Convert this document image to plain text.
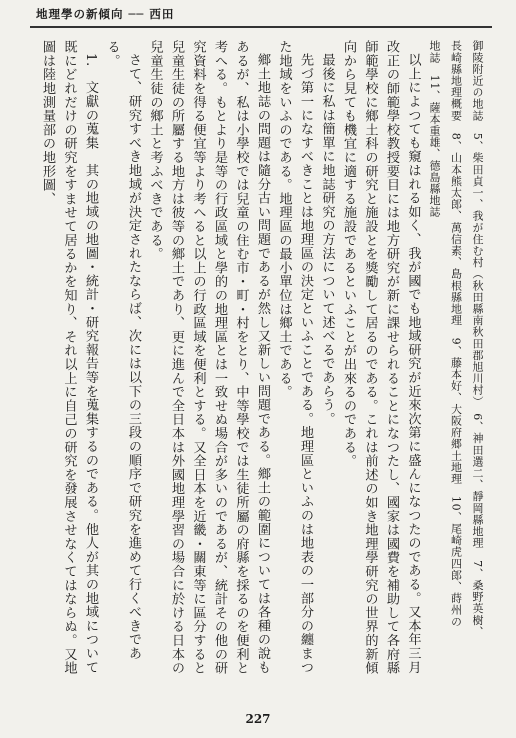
地理學の新傾向 ── 西田

御陵附近の地誌　5、柴田貞一、我が住む村（秋田縣南秋田郡旭川村）　6、神田選二、靜岡縣地理　7、桑野英樹、

長崎縣地理概要　8、山本熊太郎、萬信素、島根縣地理　9、藤本好、大阪府郷土地理　10、尾崎虎四郎、蒔州の

地誌　11、薩本重雄、德島縣地誌

以上によつても窺はれる如く、我が國でも地域研究が近來次第に盛んになつたのである。又本年三月改正の師範學校教授要目には地方研究が新に課せられることになつたし、國家は國費を補助して各府縣師範學校に鄉土科の研究と施設とを獎勵して居るのである。これは前述の如き地理學研究の世界的新傾向から見ても機宜に適する施設であるといふことが出來るのである。

最後に私は簡單に地誌研究の方法について述べるであらう。

先づ第一になすべきことは地理區の決定といふことである。地理區といふのは地表の一部分の纏まつた地域をいふのである。地理區の最小單位は鄉土である。

鄉土地誌の問題は隨分古い問題であるが然し又新しい問題である。鄉土の範圍については各種の說もあるが、私は小學校では兒童の住む市・町・村をとり、中等學校では生徒所屬の府縣を採るのを便利と考へる。もとより是等の行政區域と學的の地理區とは一致せぬ場合が多いのであるが、統計その他の研究資料を得る便宜等より考へると以上の行政區域を便利とする。又全日本を近畿・關東等に區分すると兒童生徒の所屬する地方は彼等の鄉土であり、更に進んで全日本は外國地理學習の場合に於ける日本の兒童生徒の鄉土と考ふべきである。

さて、研究すべき地域が決定されたならば、次には以下の三段の順序で研究を進めて行くべきである。

1.　文獻の蒐集　其の地域の地圖・統計・研究報告等を蒐集するのである。他人が其の地域について既にどれだけの研究をすませて居るかを知り、それ以上に自己の研究を發展させなくてはならぬ。又地圖は陸地測量部の地形圖、

227
